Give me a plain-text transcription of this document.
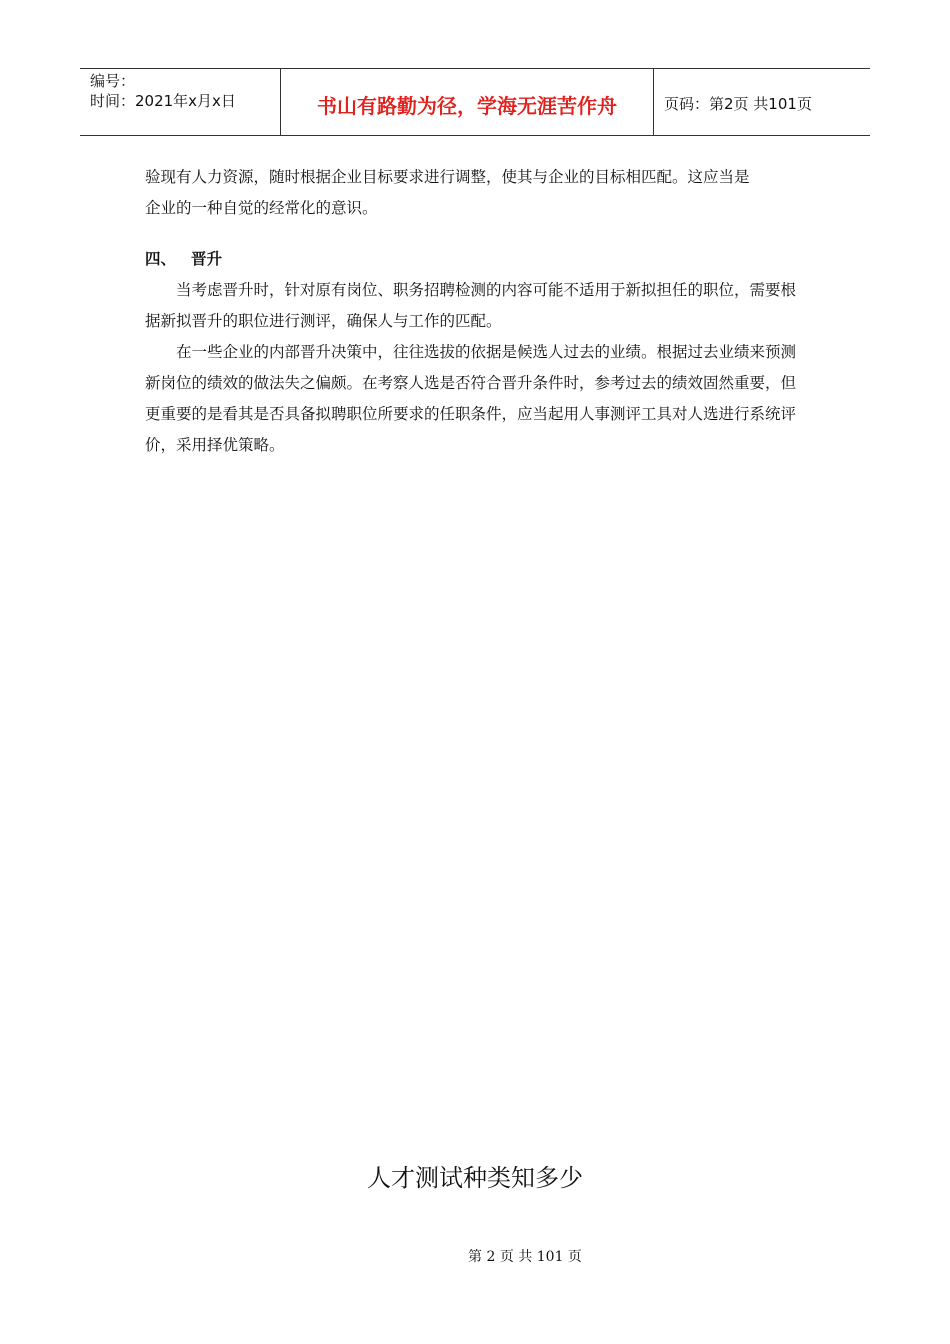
编号：
时间：2021年x月x日	书山有路勤为径，学海无涯苦作舟	页码：第2页 共101页

验现有人力资源，随时根据企业目标要求进行调整，使其与企业的目标相匹配。这应当是

企业的一种自觉的经常化的意识。

四、 晋升

当考虑晋升时，针对原有岗位、职务招聘检测的内容可能不适用于新拟担任的职位，需要根据新拟晋升的职位进行测评，确保人与工作的匹配。

在一些企业的内部晋升决策中，往往选拔的依据是候选人过去的业绩。根据过去业绩来预测新岗位的绩效的做法失之偏颇。在考察人选是否符合晋升条件时，参考过去的绩效固然重要，但更重要的是看其是否具备拟聘职位所要求的任职条件，应当起用人事测评工具对人选进行系统评价，采用择优策略。

人才测试种类知多少
第 2 页 共 101 页
